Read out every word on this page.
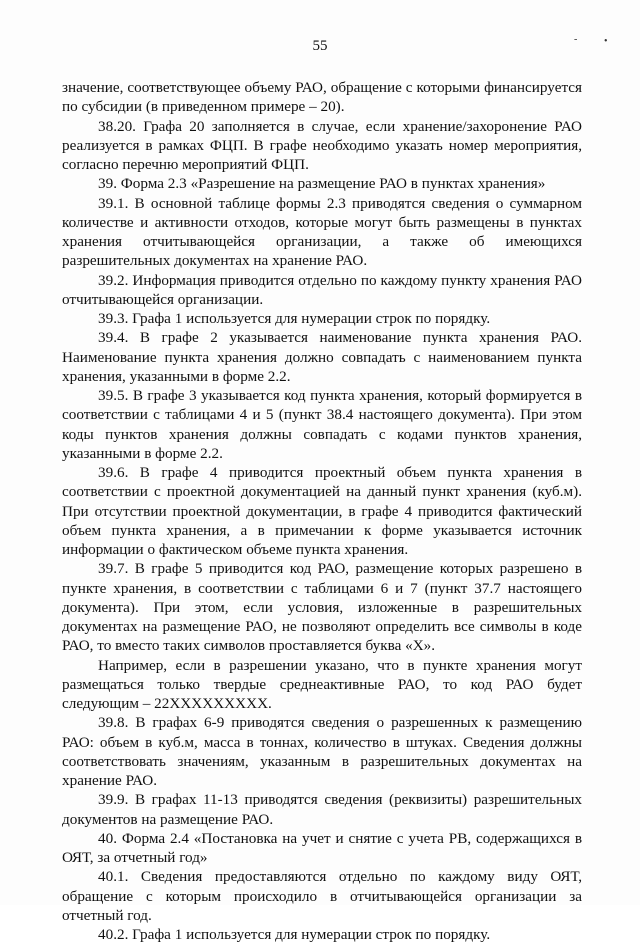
-	•
55

значение, соответствующее объему РАО, обращение с которыми финансируется по субсидии (в приведенном примере – 20).

38.20. Графа 20 заполняется в случае, если хранение/захоронение РАО реализуется в рамках ФЦП. В графе необходимо указать номер мероприятия, согласно перечню мероприятий ФЦП.

39. Форма 2.3 «Разрешение на размещение РАО в пунктах хранения»

39.1. В основной таблице формы 2.3 приводятся сведения о суммарном количестве и активности отходов, которые могут быть размещены в пунктах хранения отчитывающейся организации, а также об имеющихся разрешительных документах на хранение РАО.

39.2. Информация приводится отдельно по каждому пункту хранения РАО отчитывающейся организации.

39.3. Графа 1 используется для нумерации строк по порядку.

39.4. В графе 2 указывается наименование пункта хранения РАО. Наименование пункта хранения должно совпадать с наименованием пункта хранения, указанными в форме 2.2.

39.5. В графе 3 указывается код пункта хранения, который формируется в соответствии с таблицами 4 и 5 (пункт 38.4 настоящего документа). При этом коды пунктов хранения должны совпадать с кодами пунктов хранения, указанными в форме 2.2.

39.6. В графе 4 приводится проектный объем пункта хранения в соответствии с проектной документацией на данный пункт хранения (куб.м). При отсутствии проектной документации, в графе 4 приводится фактический объем пункта хранения, а в примечании к форме указывается источник информации о фактическом объеме пункта хранения.

39.7. В графе 5 приводится код РАО, размещение которых разрешено в пункте хранения, в соответствии с таблицами 6 и 7 (пункт 37.7 настоящего документа). При этом, если условия, изложенные в разрешительных документах на размещение РАО, не позволяют определить все символы в коде РАО, то вместо таких символов проставляется буква «Х».

Например, если в разрешении указано, что в пункте хранения могут размещаться только твердые среднеактивные РАО, то код РАО будет следующим – 22ХХХХХХХХХ.

39.8. В графах 6-9 приводятся сведения о разрешенных к размещению РАО: объем в куб.м, масса в тоннах, количество в штуках. Сведения должны соответствовать значениям, указанным в разрешительных документах на хранение РАО.

39.9. В графах 11-13 приводятся сведения (реквизиты) разрешительных документов на размещение РАО.

40. Форма 2.4 «Постановка на учет и снятие с учета РВ, содержащихся в ОЯТ, за отчетный год»

40.1. Сведения предоставляются отдельно по каждому виду ОЯТ, обращение с которым происходило в отчитывающейся организации за отчетный год.

40.2. Графа 1 используется для нумерации строк по порядку.
